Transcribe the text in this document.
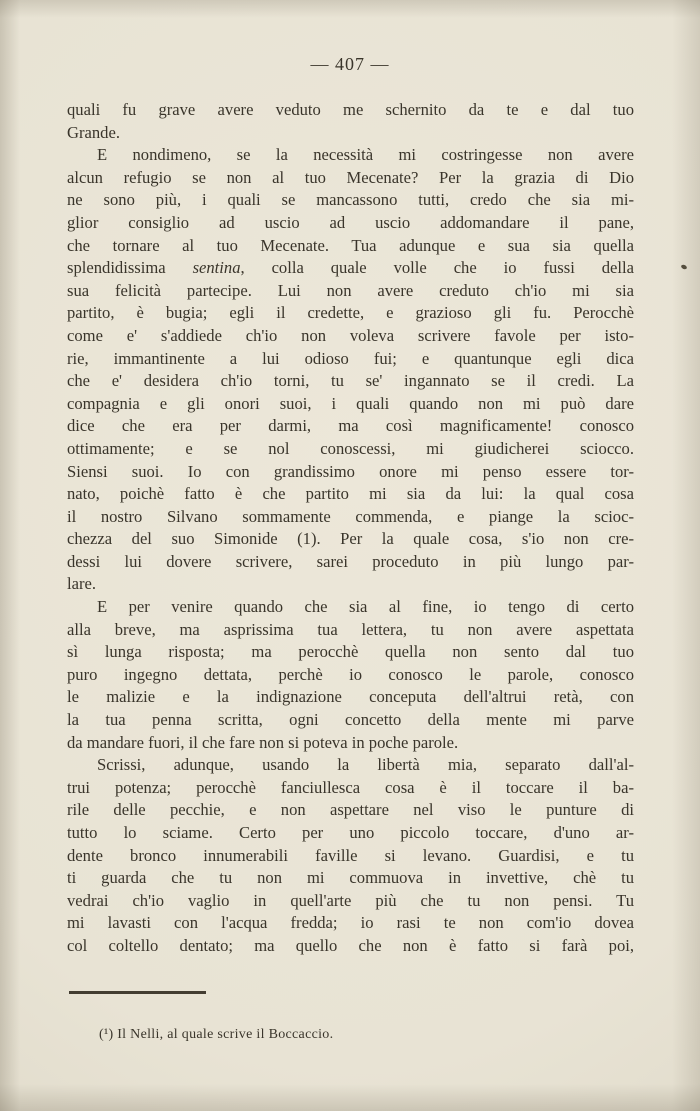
— 407 —
quali fu grave avere veduto me schernito da te e dal tuo
Grande.
E nondimeno, se la necessità mi costringesse non avere
alcun refugio se non al tuo Mecenate? Per la grazia di Dio
ne sono più, i quali se mancassono tutti, credo che sia mi-
glior consiglio ad uscio ad uscio addomandare il pane,
che tornare al tuo Mecenate. Tua adunque e sua sia quella
splendidissima sentina, colla quale volle che io fussi della
sua felicità partecipe. Lui non avere creduto ch'io mi sia
partito, è bugia; egli il credette, e grazioso gli fu. Perocchè
come e' s'addiede ch'io non voleva scrivere favole per isto-
rie, immantinente a lui odioso fui; e quantunque egli dica
che e' desidera ch'io torni, tu se' ingannato se il credi. La
compagnia e gli onori suoi, i quali quando non mi può dare
dice che era per darmi, ma così magnificamente! conosco
ottimamente; e se nol conoscessi, mi giudicherei sciocco.
Siensi suoi. Io con grandissimo onore mi penso essere tor-
nato, poichè fatto è che partito mi sia da lui: la qual cosa
il nostro Silvano sommamente commenda, e piange la scioc-
chezza del suo Simonide (1). Per la quale cosa, s'io non cre-
dessi lui dovere scrivere, sarei proceduto in più lungo par-
lare.
E per venire quando che sia al fine, io tengo di certo
alla breve, ma asprissima tua lettera, tu non avere aspettata
sì lunga risposta; ma perocchè quella non sento dal tuo
puro ingegno dettata, perchè io conosco le parole, conosco
le malizie e la indignazione conceputa dell'altrui retà, con
la tua penna scritta, ogni concetto della mente mi parve
da mandare fuori, il che fare non si poteva in poche parole.
Scrissi, adunque, usando la libertà mia, separato dall'al-
trui potenza; perocchè fanciullesca cosa è il toccare il ba-
rile delle pecchie, e non aspettare nel viso le punture di
tutto lo sciame. Certo per uno piccolo toccare, d'uno ar-
dente bronco innumerabili faville si levano. Guardisi, e tu
ti guarda che tu non mi commuova in invettive, chè tu
vedrai ch'io vaglio in quell'arte più che tu non pensi. Tu
mi lavasti con l'acqua fredda; io rasi te non com'io dovea
col coltello dentato; ma quello che non è fatto si farà poi,
(¹) Il Nelli, al quale scrive il Boccaccio.
